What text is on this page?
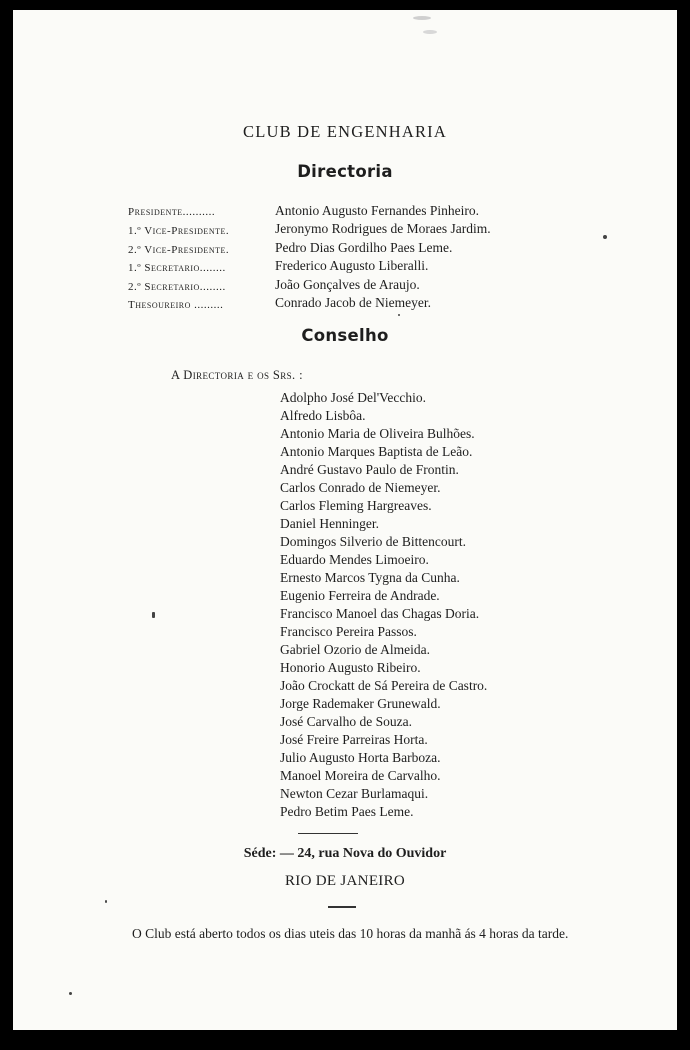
CLUB DE ENGENHARIA
Directoria
Presidente..........	Antonio Augusto Fernandes Pinheiro.
1.º Vice-Presidente.	Jeronymo Rodrigues de Moraes Jardim.
2.º Vice-Presidente.	Pedro Dias Gordilho Paes Leme.
1.º Secretario........	Frederico Augusto Liberalli.
2.º Secretario........	João Gonçalves de Araujo.
Thesoureiro .........	Conrado Jacob de Niemeyer.
Conselho
A Directoria e os Srs. :
Adolpho José Del'Vecchio.
Alfredo Lisbôa.
Antonio Maria de Oliveira Bulhões.
Antonio Marques Baptista de Leão.
André Gustavo Paulo de Frontin.
Carlos Conrado de Niemeyer.
Carlos Fleming Hargreaves.
Daniel Henninger.
Domingos Silverio de Bittencourt.
Eduardo Mendes Limoeiro.
Ernesto Marcos Tygna da Cunha.
Eugenio Ferreira de Andrade.
Francisco Manoel das Chagas Doria.
Francisco Pereira Passos.
Gabriel Ozorio de Almeida.
Honorio Augusto Ribeiro.
João Crockatt de Sá Pereira de Castro.
Jorge Rademaker Grunewald.
José Carvalho de Souza.
José Freire Parreiras Horta.
Julio Augusto Horta Barboza.
Manoel Moreira de Carvalho.
Newton Cezar Burlamaqui.
Pedro Betim Paes Leme.
Séde: — 24, rua Nova do Ouvidor
RIO DE JANEIRO
O Club está aberto todos os dias uteis das 10 horas da manhã ás 4 horas da tarde.
